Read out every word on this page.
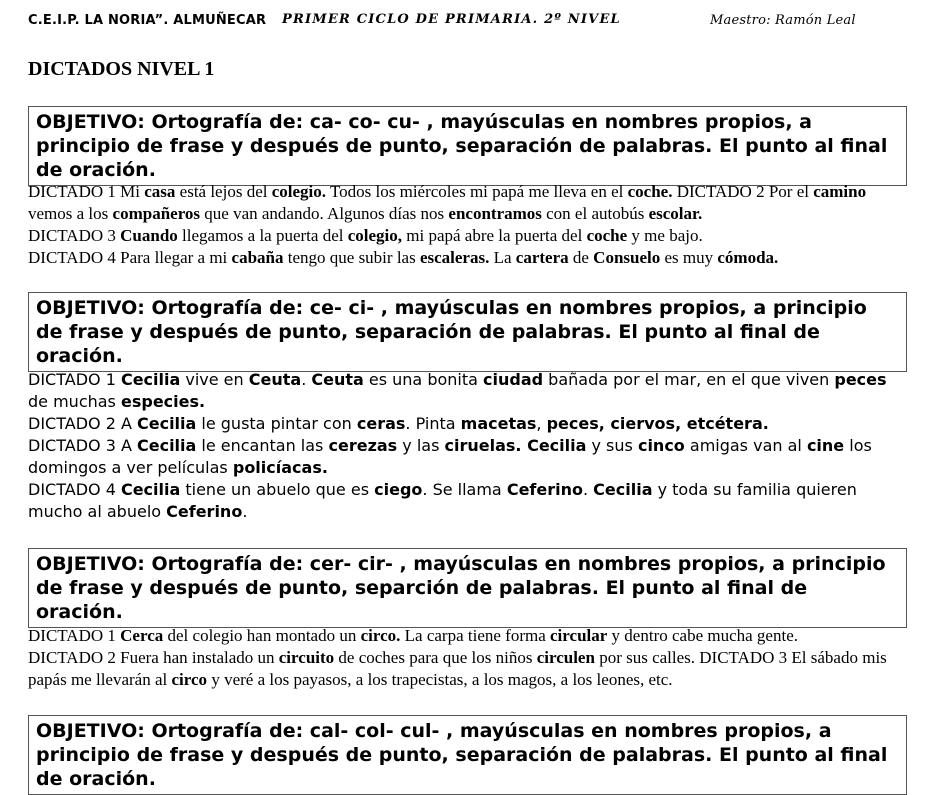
C.E.I.P. LA NORIA”. ALMUÑECAR PRIMER CICLO DE PRIMARIA. 2º NIVEL	Maestro: Ramón Leal
DICTADOS NIVEL 1
OBJETIVO: Ortografía de: ca- co- cu- , mayúsculas en nombres propios, a principio de frase y después de punto, separación de palabras. El punto al final de oración.
DICTADO 1 Mi casa está lejos del colegio. Todos los miércoles mi papá me lleva en el coche. DICTADO 2 Por el camino vemos a los compañeros que van andando. Algunos días nos encontramos con el autobús escolar.
DICTADO 3 Cuando llegamos a la puerta del colegio, mi papá abre la puerta del coche y me bajo.
DICTADO 4 Para llegar a mi cabaña tengo que subir las escaleras. La cartera de Consuelo es muy cómoda.
OBJETIVO: Ortografía de: ce- ci- , mayúsculas en nombres propios, a principio de frase y después de punto, separación de palabras. El punto al final de oración.
DICTADO 1 Cecilia vive en Ceuta. Ceuta es una bonita ciudad bañada por el mar, en el que viven peces de muchas especies.
DICTADO 2 A Cecilia le gusta pintar con ceras. Pinta macetas, peces, ciervos, etcétera.
DICTADO 3 A Cecilia le encantan las cerezas y las ciruelas. Cecilia y sus cinco amigas van al cine los domingos a ver películas policíacas.
DICTADO 4 Cecilia tiene un abuelo que es ciego. Se llama Ceferino. Cecilia y toda su familia quieren mucho al abuelo Ceferino.
OBJETIVO: Ortografía de: cer- cir- , mayúsculas en nombres propios, a principio de frase y después de punto, separción de palabras. El punto al final de oración.
DICTADO 1 Cerca del colegio han montado un circo. La carpa tiene forma circular y dentro cabe mucha gente.
DICTADO 2 Fuera han instalado un circuito de coches para que los niños circulen por sus calles. DICTADO 3 El sábado mis papás me llevarán al circo y veré a los payasos, a los trapecistas, a los magos, a los leones, etc.
OBJETIVO: Ortografía de: cal- col- cul- , mayúsculas en nombres propios, a principio de frase y después de punto, separación de palabras. El punto al final de oración.
